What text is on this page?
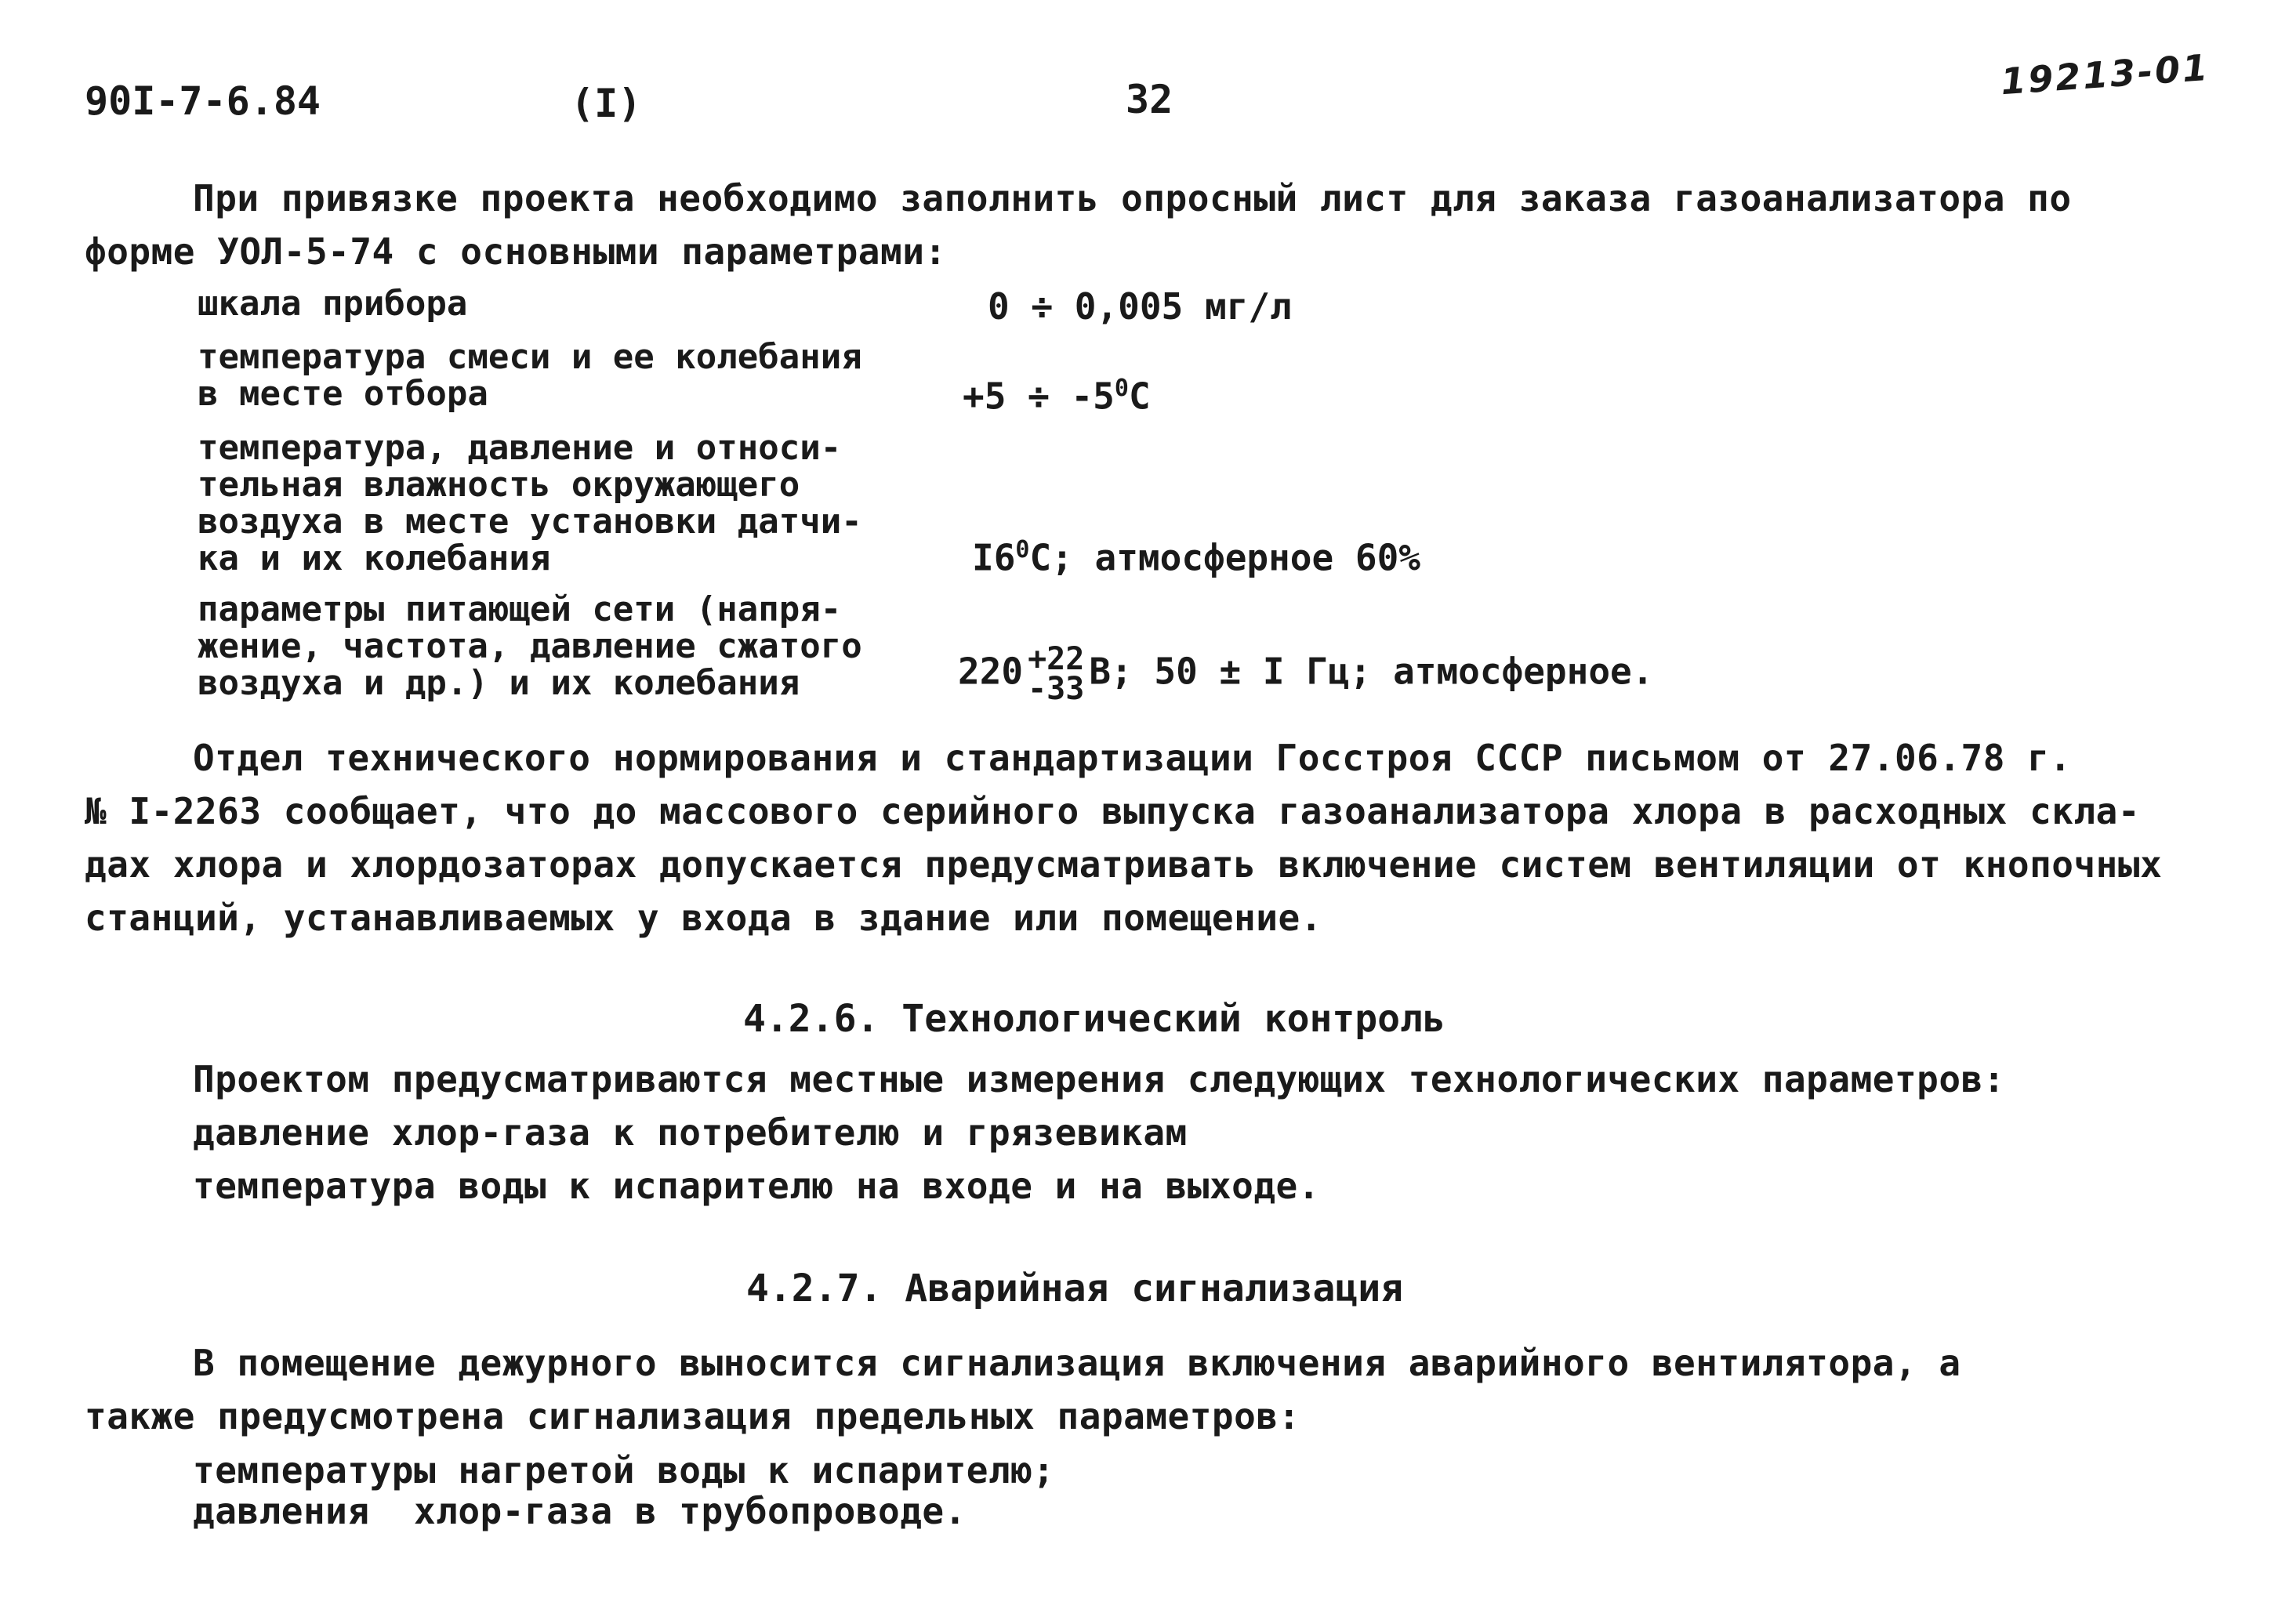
90I-7-6.84	(I)	32	19213-01
При привязке проекта необходимо заполнить опросный лист для заказа газоанализатора по
форме УОЛ-5-74 с основными параметрами:
шкала прибора	0 ÷ 0,005 мг/л
температура смеси и ее колебания
в месте отбора	$+5 \div -5^0C$
температура, давление и относи-
тельная влажность окружающего
воздуха в месте установки датчи-
ка и их колебания	$I6^0C$; атмосферное 60%
параметры питающей сети (напря-
жение, частота, давление сжатого
воздуха и др.) и их колебания	220 +22
-33 В; 50 ± I Гц; атмосферное.
Отдел технического нормирования и стандартизации Госстроя СССР письмом от 27.06.78 г.
№ I-2263 сообщает, что до массового серийного выпуска газоанализатора хлора в расходных скла-
дах хлора и хлордозаторах допускается предусматривать включение систем вентиляции от кнопочных
станций, устанавливаемых у входа в здание или помещение.
4.2.6. Технологический контроль
Проектом предусматриваются местные измерения следующих технологических параметров:
давление хлор-газа к потребителю и грязевикам
температура воды к испарителю на входе и на выходе.
4.2.7. Аварийная сигнализация
В помещение дежурного выносится сигнализация включения аварийного вентилятора, а
также предусмотрена сигнализация предельных параметров:
температуры нагретой воды к испарителю;
давления  хлор-газа в трубопроводе.
